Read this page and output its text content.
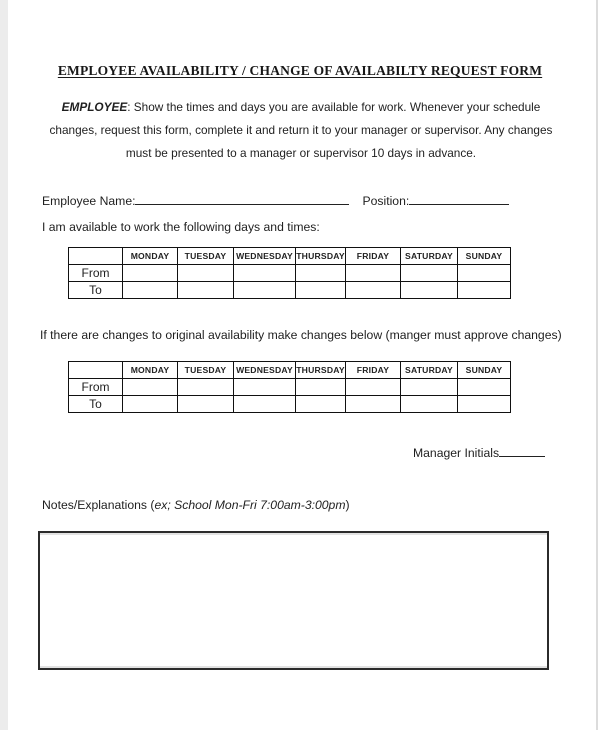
EMPLOYEE AVAILABILITY / CHANGE OF AVAILABILTY REQUEST FORM
EMPLOYEE: Show the times and days you are available for work. Whenever your schedule changes, request this form, complete it and return it to your manager or supervisor. Any changes must be presented to a manager or supervisor 10 days in advance.
Employee Name:	Position:
I am available to work the following days and times:
	MONDAY	TUESDAY	WEDNESDAY	THURSDAY	FRIDAY	SATURDAY	SUNDAY
From							
To							
If there are changes to original availability make changes below (manger must approve changes)
	MONDAY	TUESDAY	WEDNESDAY	THURSDAY	FRIDAY	SATURDAY	SUNDAY
From							
To							
Manager Initials
Notes/Explanations (ex; School Mon-Fri 7:00am-3:00pm)
